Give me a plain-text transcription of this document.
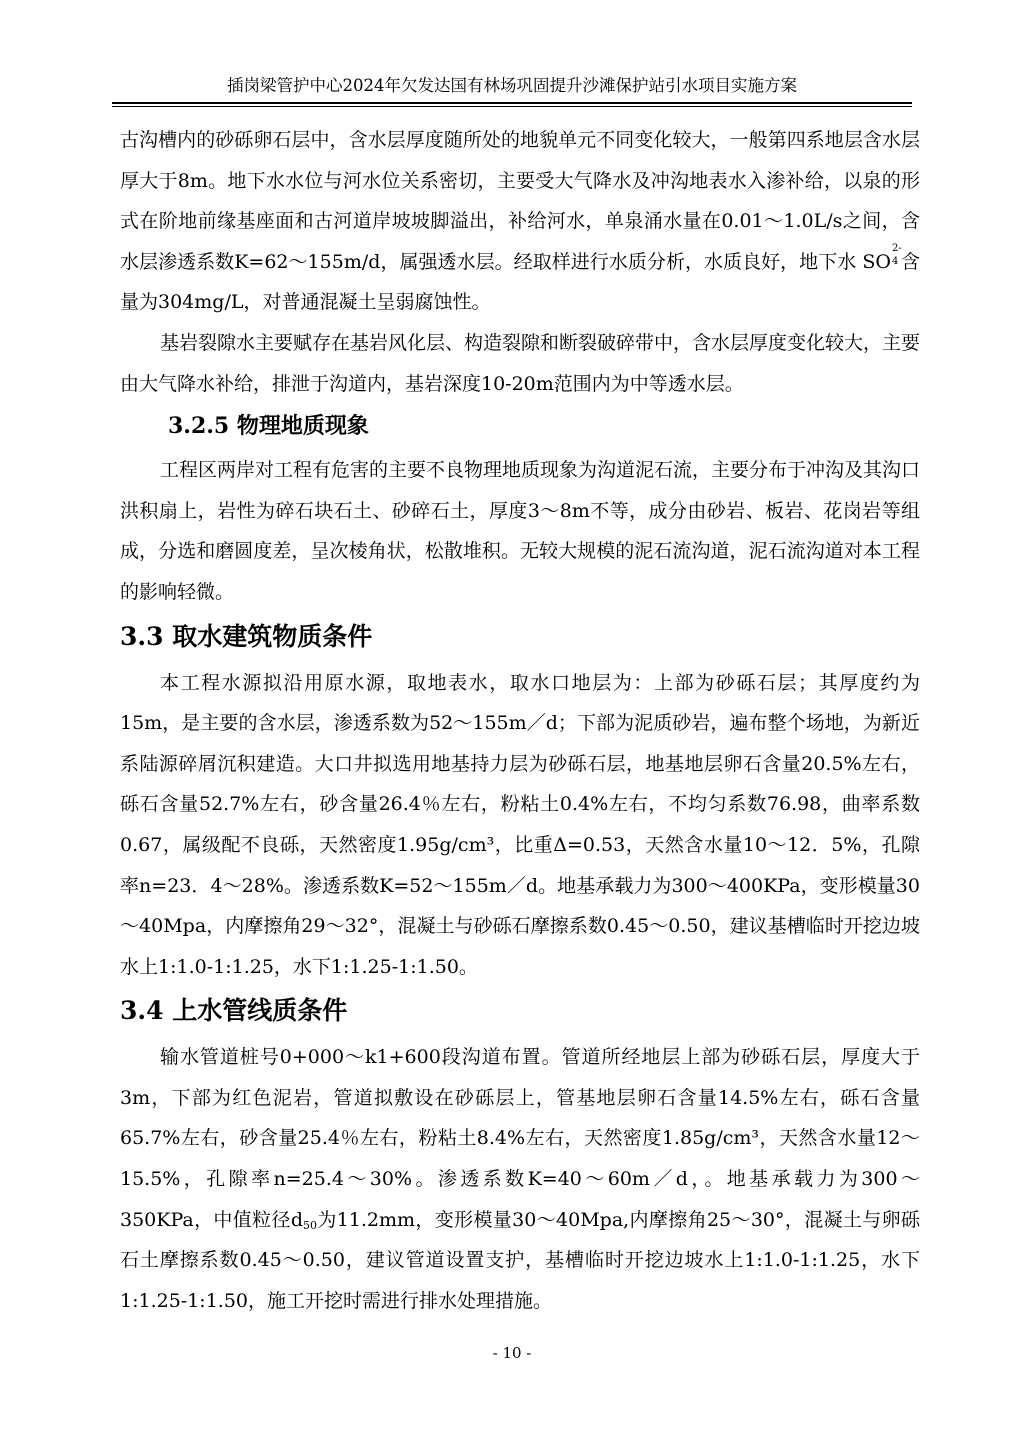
插岗梁管护中心2024年欠发达国有林场巩固提升沙滩保护站引水项目实施方案

古沟槽内的砂砾卵石层中，含水层厚度随所处的地貌单元不同变化较大，一般第四系地层含水层厚大于8m。地下水水位与河水位关系密切，主要受大气降水及冲沟地表水入渗补给，以泉的形式在阶地前缘基座面和古河道岸坡坡脚溢出，补给河水，单泉涌水量在0.01～1.0L/s之间，含水层渗透系数K=62～155m/d，属强透水层。经取样进行水质分析，水质良好，地下水 SO
2-
4 含量为304mg/L，对普通混凝土呈弱腐蚀性。

基岩裂隙水主要赋存在基岩风化层、构造裂隙和断裂破碎带中，含水层厚度变化较大，主要由大气降水补给，排泄于沟道内，基岩深度10-20m范围内为中等透水层。

3.2.5 物理地质现象

工程区两岸对工程有危害的主要不良物理地质现象为沟道泥石流，主要分布于冲沟及其沟口洪积扇上，岩性为碎石块石土、砂碎石土，厚度3～8m不等，成分由砂岩、板岩、花岗岩等组成，分选和磨圆度差，呈次棱角状，松散堆积。无较大规模的泥石流沟道，泥石流沟道对本工程的影响轻微。

3.3 取水建筑物质条件

本工程水源拟沿用原水源，取地表水，取水口地层为：上部为砂砾石层；其厚度约为15m，是主要的含水层，渗透系数为52～155m／d；下部为泥质砂岩，遍布整个场地，为新近系陆源碎屑沉积建造。大口井拟选用地基持力层为砂砾石层，地基地层卵石含量20.5%左右，砾石含量52.7%左右，砂含量26.4％左右，粉粘土0.4%左右，不均匀系数76.98，曲率系数0.67，属级配不良砾，天然密度1.95g/cm³，比重Δ=0.53，天然含水量10～12．5%，孔隙率n=23．4～28%。渗透系数K=52～155m／d。地基承载力为300～400KPa，变形模量30～40Mpa，内摩擦角29～32°，混凝土与砂砾石摩擦系数0.45～0.50，建议基槽临时开挖边坡水上1:1.0-1:1.25，水下1:1.25-1:1.50。

3.4 上水管线质条件

输水管道桩号0+000～k1+600段沟道布置。管道所经地层上部为砂砾石层，厚度大于3m，下部为红色泥岩，管道拟敷设在砂砾层上，管基地层卵石含量14.5%左右，砾石含量65.7%左右，砂含量25.4％左右，粉粘土8.4%左右，天然密度1.85g/cm³，天然含水量12～15.5%，孔隙率n=25.4～30%。渗透系数K=40～60m／d，。地基承载力为300～350KPa，中值粒径$d_{50}$为11.2mm，变形模量30～40Mpa,内摩擦角25～30°，混凝土与卵砾石土摩擦系数0.45～0.50，建议管道设置支护，基槽临时开挖边坡水上1:1.0-1:1.25，水下1:1.25-1:1.50，施工开挖时需进行排水处理措施。

- 10 -
